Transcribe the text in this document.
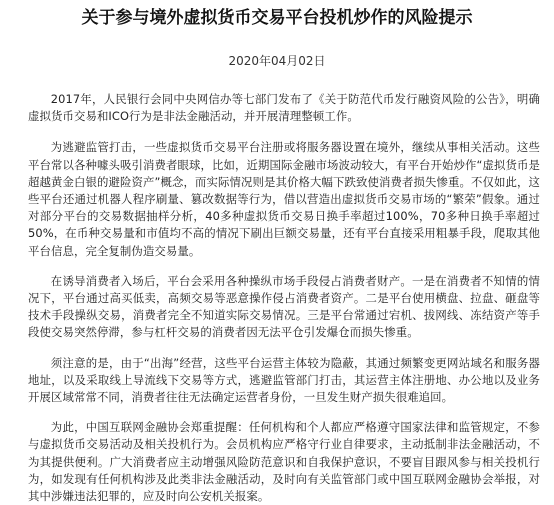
关于参与境外虚拟货币交易平台投机炒作的风险提示
2020年04月02日

2017年，人民银行会同中央网信办等七部门发布了《关于防范代币发行融资风险的公告》，明确虚拟货币交易和ICO行为是非法金融活动，并开展清理整顿工作。

为逃避监管打击，一些虚拟货币交易平台注册或将服务器设置在境外，继续从事相关活动。这些平台常以各种噱头吸引消费者眼球，比如，近期国际金融市场波动较大，有平台开始炒作“虚拟货币是超越黄金白银的避险资产”概念，而实际情况则是其价格大幅下跌致使消费者损失惨重。不仅如此，这些平台还通过机器人程序刷量、篡改数据等行为，借以营造出虚拟货币交易市场的“繁荣”假象。通过对部分平台的交易数据抽样分析，40多种虚拟货币交易日换手率超过100%，70多种日换手率超过50%，在币种交易量和市值均不高的情况下刷出巨额交易量，还有平台直接采用粗暴手段，爬取其他平台信息，完全复制伪造交易量。

在诱导消费者入场后，平台会采用各种操纵市场手段侵占消费者财产。一是在消费者不知情的情况下，平台通过高买低卖，高频交易等恶意操作侵占消费者资产。二是平台使用横盘、拉盘、砸盘等技术手段操纵交易，消费者完全不知道实际交易情况。三是平台常通过宕机、拔网线、冻结资产等手段使交易突然停滞，参与杠杆交易的消费者因无法平仓引发爆仓而损失惨重。

须注意的是，由于“出海”经营，这些平台运营主体较为隐蔽，其通过频繁变更网站域名和服务器地址，以及采取线上导流线下交易等方式，逃避监管部门打击，其运营主体注册地、办公地以及业务开展区域常常不同，消费者往往无法确定运营者身份，一旦发生财产损失很难追回。

为此，中国互联网金融协会郑重提醒：任何机构和个人都应严格遵守国家法律和监管规定，不参与虚拟货币交易活动及相关投机行为。会员机构应严格守行业自律要求，主动抵制非法金融活动，不为其提供便利。广大消费者应主动增强风险防范意识和自我保护意识，不要盲目跟风参与相关投机行为，如发现有任何机构涉及此类非法金融活动，及时向有关监管部门或中国互联网金融协会举报，对其中涉嫌违法犯罪的，应及时向公安机关报案。
